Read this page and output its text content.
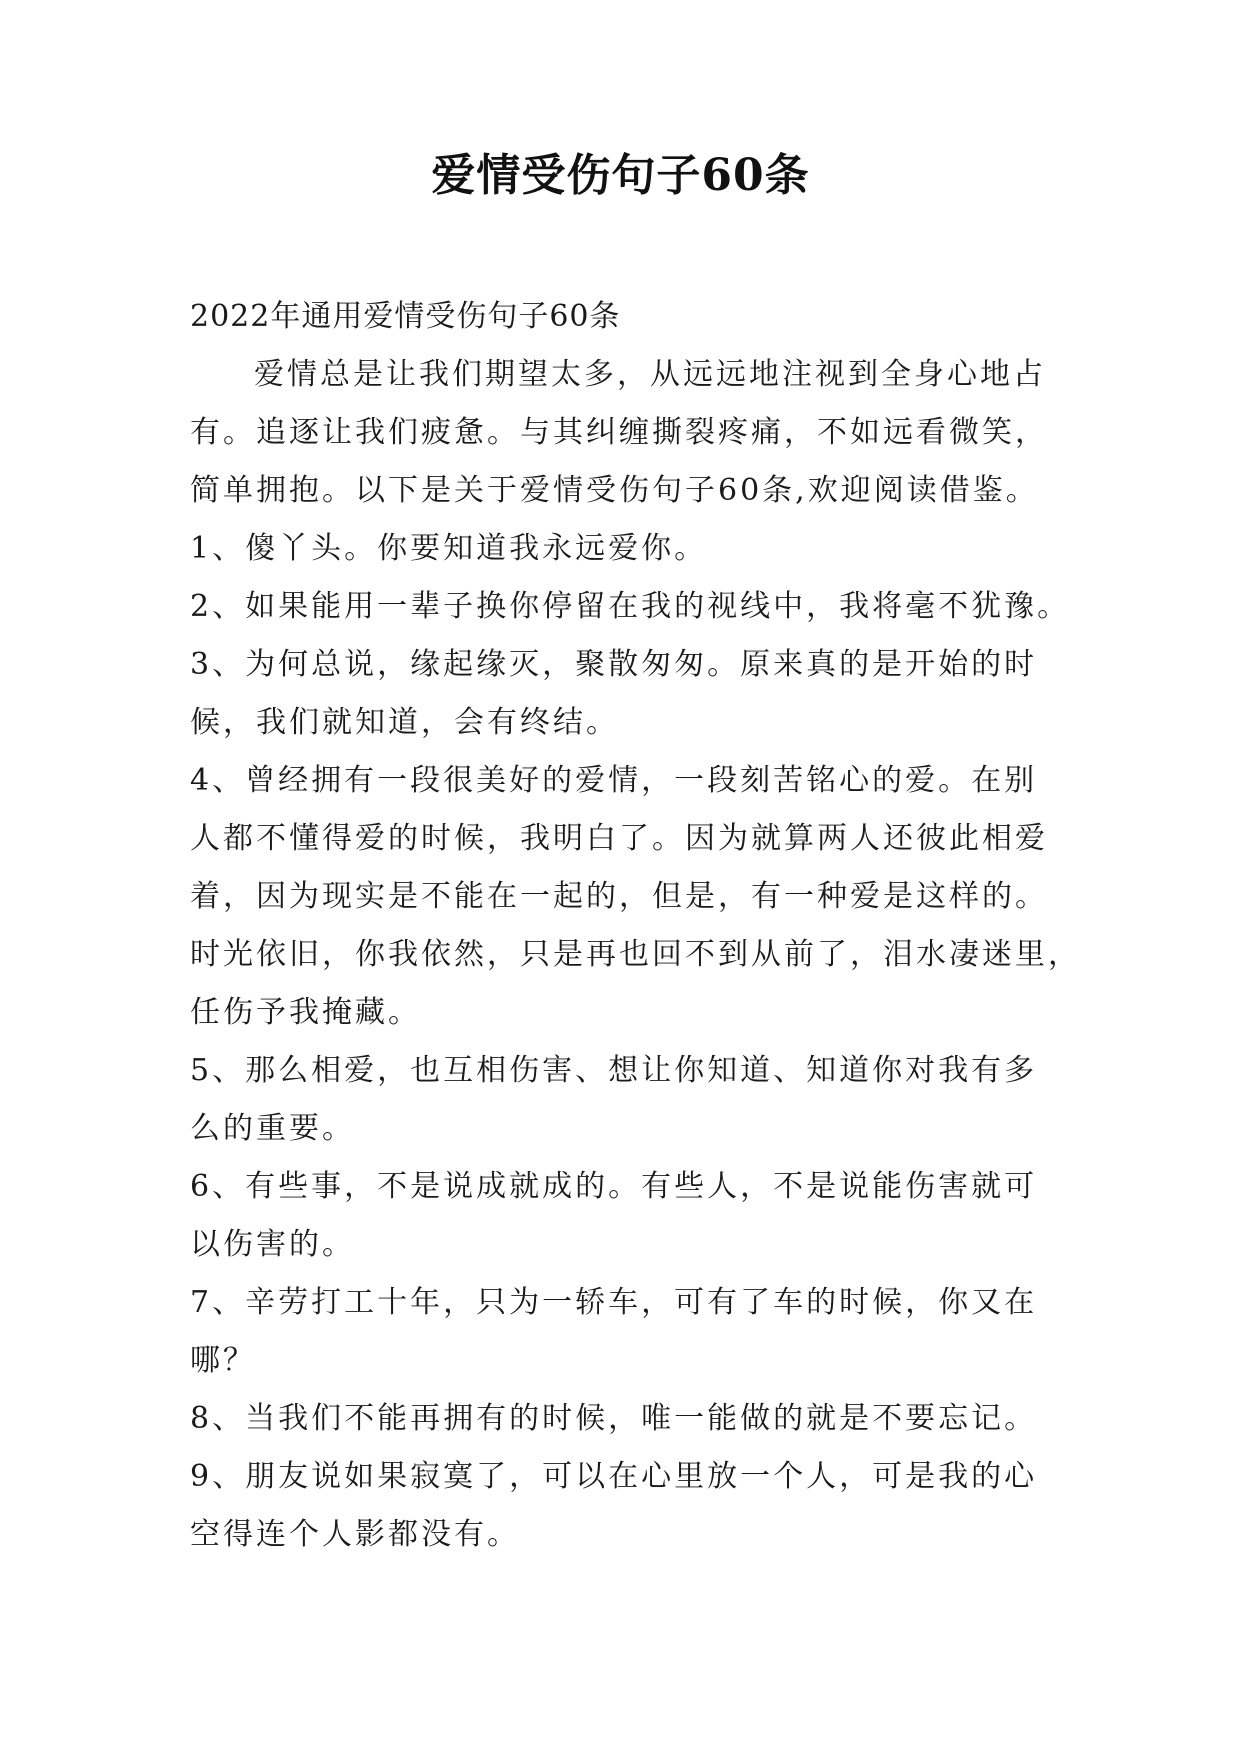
爱情受伤句子60条
2022年通用爱情受伤句子60条
爱情总是让我们期望太多，从远远地注视到全身心地占
有。追逐让我们疲惫。与其纠缠撕裂疼痛，不如远看微笑，
简单拥抱。以下是关于爱情受伤句子60条,欢迎阅读借鉴。
1、傻丫头。你要知道我永远爱你。
2、如果能用一辈子换你停留在我的视线中，我将毫不犹豫。
3、为何总说，缘起缘灭，聚散匆匆。原来真的是开始的时
候，我们就知道，会有终结。
4、曾经拥有一段很美好的爱情，一段刻苦铭心的爱。在别
人都不懂得爱的时候，我明白了。因为就算两人还彼此相爱
着，因为现实是不能在一起的，但是，有一种爱是这样的。
时光依旧，你我依然，只是再也回不到从前了，泪水凄迷里，
任伤予我掩藏。
5、那么相爱，也互相伤害、想让你知道、知道你对我有多
么的重要。
6、有些事，不是说成就成的。有些人，不是说能伤害就可
以伤害的。
7、辛劳打工十年，只为一轿车，可有了车的时候，你又在
哪？
8、当我们不能再拥有的时候，唯一能做的就是不要忘记。
9、朋友说如果寂寞了，可以在心里放一个人，可是我的心
空得连个人影都没有。
